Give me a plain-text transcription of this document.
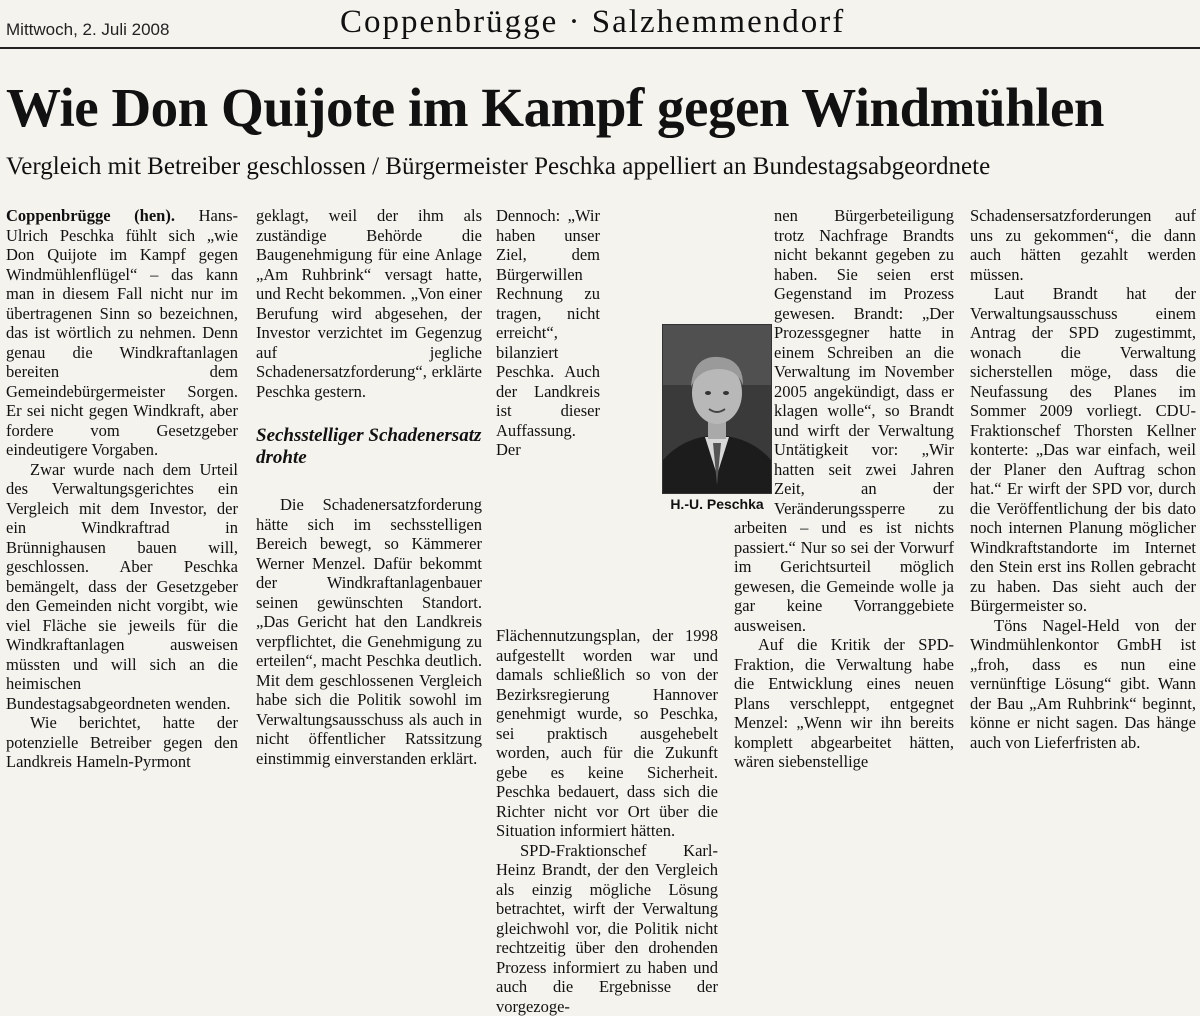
Mittwoch, 2. Juli 2008	Coppenbrügge · Salzhemmendorf
Wie Don Quijote im Kampf gegen Windmühlen
Vergleich mit Betreiber geschlossen / Bürgermeister Peschka appelliert an Bundestagsabgeordnete

Coppenbrügge (hen). Hans-Ulrich Peschka fühlt sich „wie Don Quijote im Kampf gegen Windmühlenflügel“ – das kann man in diesem Fall nicht nur im übertragenen Sinn so bezeichnen, das ist wörtlich zu nehmen. Denn genau die Windkraftanlagen bereiten dem Gemeindebürgermeister Sorgen. Er sei nicht gegen Windkraft, aber fordere vom Gesetzgeber eindeutigere Vorgaben.

Zwar wurde nach dem Urteil des Verwaltungsgerichtes ein Vergleich mit dem Investor, der ein Windkraftrad in Brünnighausen bauen will, geschlossen. Aber Peschka bemängelt, dass der Gesetzgeber den Gemeinden nicht vorgibt, wie viel Fläche sie jeweils für die Windkraftanlagen ausweisen müssten und will sich an die heimischen Bundestagsabgeordneten wenden.

Wie berichtet, hatte der potenzielle Betreiber gegen den Landkreis Hameln-Pyrmont

geklagt, weil der ihm als zuständige Behörde die Baugenehmigung für eine Anlage „Am Ruhbrink“ versagt hatte, und Recht bekommen. „Von einer Berufung wird abgesehen, der Investor verzichtet im Gegenzug auf jegliche Schadenersatzforderung“, erklärte Peschka gestern.

Sechsstelliger Schadenersatz drohte

Die Schadenersatzforderung hätte sich im sechsstelligen Bereich bewegt, so Kämmerer Werner Menzel. Dafür bekommt der Windkraftanlagenbauer seinen gewünschten Standort. „Das Gericht hat den Landkreis verpflichtet, die Genehmigung zu erteilen“, macht Peschka deutlich. Mit dem geschlossenen Vergleich habe sich die Politik sowohl im Verwaltungsausschuss als auch in nicht öffentlicher Ratssitzung einstimmig einverstanden erklärt.

Dennoch: „Wir haben unser Ziel, dem Bürgerwillen Rechnung zu tragen, nicht erreicht“, bilanziert Peschka. Auch der Landkreis ist dieser Auffassung. Der Flächennutzungsplan, der 1998 aufgestellt worden war und damals schließlich so von der Bezirksregierung Hannover genehmigt wurde, so Peschka, sei praktisch ausgehebelt worden, auch für die Zukunft gebe es keine Sicherheit. Peschka bedauert, dass sich die Richter nicht vor Ort über die Situation informiert hätten.

SPD-Fraktionschef Karl-Heinz Brandt, der den Vergleich als einzig mögliche Lösung betrachtet, wirft der Verwaltung gleichwohl vor, die Politik nicht rechtzeitig über den drohenden Prozess informiert zu haben und auch die Ergebnisse der vorgezoge-

nen Bürgerbeteiligung trotz Nachfrage Brandts nicht bekannt gegeben zu haben. Sie seien erst Gegenstand im Prozess gewesen. Brandt: „Der Prozessgegner hatte in einem Schreiben an die Verwaltung im November 2005 angekündigt, dass er klagen wolle“, so Brandt und wirft der Verwaltung Untätigkeit vor: „Wir hatten seit zwei Jahren Zeit, an der Veränderungssperre zu arbeiten – und es ist nichts passiert.“ Nur so sei der Vorwurf im Gerichtsurteil möglich gewesen, die Gemeinde wolle ja gar keine Vorranggebiete ausweisen.

Auf die Kritik der SPD-Fraktion, die Verwaltung habe die Entwicklung eines neuen Plans verschleppt, entgegnet Menzel: „Wenn wir ihn bereits komplett abgearbeitet hätten, wären siebenstellige

Schadensersatzforderungen auf uns zu gekommen“, die dann auch hätten gezahlt werden müssen.

Laut Brandt hat der Verwaltungsausschuss einem Antrag der SPD zugestimmt, wonach die Verwaltung sicherstellen möge, dass die Neufassung des Planes im Sommer 2009 vorliegt. CDU-Fraktionschef Thorsten Kellner konterte: „Das war einfach, weil der Planer den Auftrag schon hat.“ Er wirft der SPD vor, durch die Veröffentlichung der bis dato noch internen Planung möglicher Windkraftstandorte im Internet den Stein erst ins Rollen gebracht zu haben. Das sieht auch der Bürgermeister so.

Töns Nagel-Held von der Windmühlenkontor GmbH ist „froh, dass es nun eine vernünftige Lösung“ gibt. Wann der Bau „Am Ruhbrink“ beginnt, könne er nicht sagen. Das hänge auch von Lieferfristen ab.

H.-U. Peschka
